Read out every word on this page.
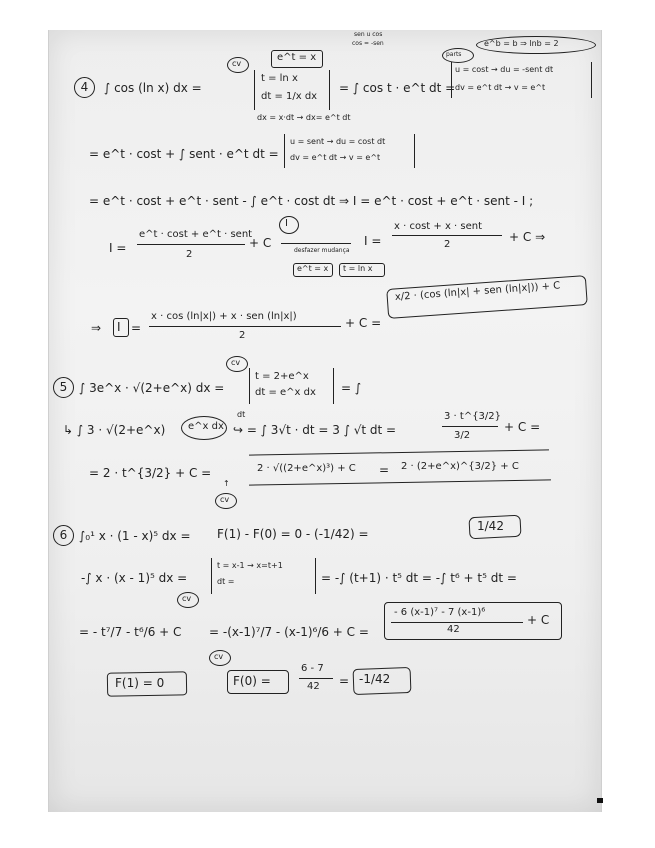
4	∫ cos (ln x) dx =
cv
e^t = x
t = ln x
dt = 1/x dx
dx = x·dt → dx= e^t dt
= ∫ cos t · e^t dt =
sen u cos
cos = -sen
parts
e^b = b ⇒ lnb = 2
u = cost → du = -sent dt
dv = e^t dt → v = e^t
= e^t · cost + ∫ sent · e^t dt =
u = sent → du = cost dt
dv = e^t dt → v = e^t
= e^t · cost + e^t · sent - ∫ e^t · cost dt ⇒ I = e^t · cost + e^t · sent - I ;
I =
e^t · cost + e^t · sent
2
+ C
I
desfazer mudança
e^t = x t = ln x
I =
x · cost + x · sent
2
+ C ⇒
⇒ I =
x · cos (ln|x|) + x · sen (ln|x|)
2
+ C =
x/2 · (cos (ln|x| + sen (ln|x|)) + C
cv
5 ∫ 3e^x · √(2+e^x) dx =
t = 2+e^x
dt = e^x dx = ∫
dt
↳ ∫ 3 · √(2+e^x) e^x dx ↪ = ∫ 3√t · dt = 3 ∫ √t dt =
3 · t^{3/2}
3/2
+ C =
= 2 · t^{3/2} + C =	2 · √((2+e^x)³) + C = 2 · (2+e^x)^{3/2} + C
↑
cv
6 ∫₀¹ x · (1 - x)⁵ dx = F(1) - F(0) = 0 - (-1/42) =
1/42
-∫ x · (x - 1)⁵ dx =
t = x-1 → x=t+1
dt =	= -∫ (t+1) · t⁵ dt = -∫ t⁶ + t⁵ dt =
cv
= - t⁷/7 - t⁶/6 + C = -(x-1)⁷/7 - (x-1)⁶/6 + C =
- 6 (x-1)⁷ - 7 (x-1)⁶
42
+ C
cv
F(1) = 0	F(0) =
6 - 7
42 = -1/42
